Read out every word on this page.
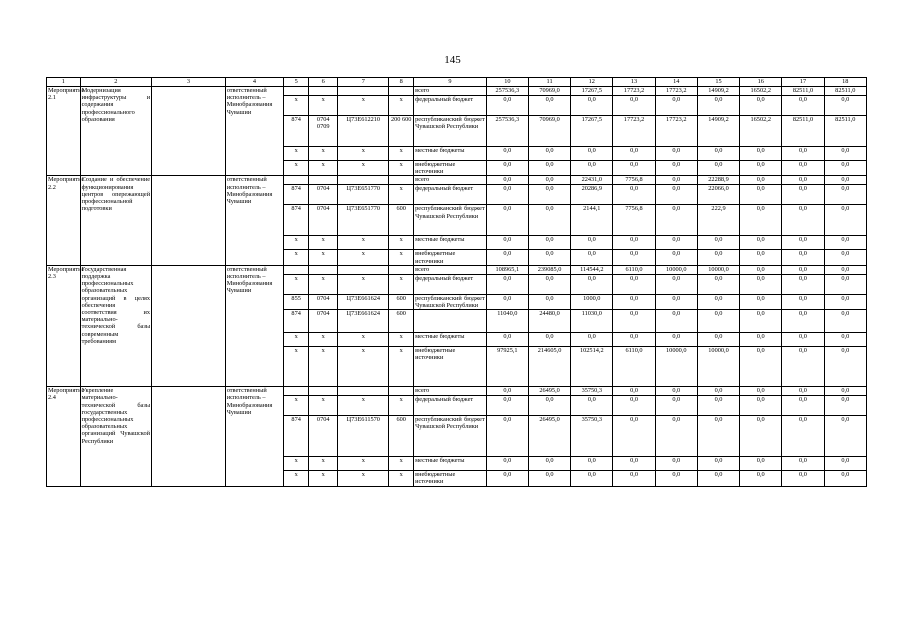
145
1	2	3	4	5	6	7	8	9	10	11	12	13	14	15	16	17	18
Мероприятие 2.1	Модернизация инфраструктуры и содержания профессионального образования		ответственный исполнитель – Минобразования Чувашии					всего	257536,3	70969,0	17267,5	17723,2	17723,2	14909,2	16502,2	82511,0	82511,0
				x	x	x	x	федеральный бюджет	0,0	0,0	0,0	0,0	0,0	0,0	0,0	0,0	0,0
				874	0704 0709	Ц73Е612210	200 600	республиканский бюджет Чувашской Республики	257536,3	70969,0	17267,5	17723,2	17723,2	14909,2	16502,2	82511,0	82511,0
				x	x	x	x	местные бюджеты	0,0	0,0	0,0	0,0	0,0	0,0	0,0	0,0	0,0
				x	x	x	x	внебюджетные источники	0,0	0,0	0,0	0,0	0,0	0,0	0,0	0,0	0,0
Мероприятие 2.2	Создание и обеспечение функционирования центров опережающей профессиональной подготовки		ответственный исполнитель – Минобразования Чувашии					всего	0,0	0,0	22431,0	7756,8	0,0	22288,9	0,0	0,0	0,0
				874	0704	Ц73Е651770	x	федеральный бюджет	0,0	0,0	20286,9	0,0	0,0	22066,0	0,0	0,0	0,0
				874	0704	Ц73Е651770	600	республиканский бюджет Чувашской Республики	0,0	0,0	2144,1	7756,8	0,0	222,9	0,0	0,0	0,0
				x	x	x	x	местные бюджеты	0,0	0,0	0,0	0,0	0,0	0,0	0,0	0,0	0,0
				x	x	x	x	внебюджетные источники	0,0	0,0	0,0	0,0	0,0	0,0	0,0	0,0	0,0
Мероприятие 2.3	Государственная поддержка профессиональных образовательных организаций в целях обеспечения соответствия их материально-технической базы современным требованиям		ответственный исполнитель – Минобразования Чувашии					всего	108965,1	239085,0	114544,2	6110,0	10000,0	10000,0	0,0	0,0	0,0
				x	x	x	x	федеральный бюджет	0,0	0,0	0,0	0,0	0,0	0,0	0,0	0,0	0,0
				855	0704	Ц73Е661624	600	республиканский бюджет Чувашской Республики	0,0	0,0	1000,0	0,0	0,0	0,0	0,0	0,0	0,0
				874	0704	Ц73Е661624	600		11040,0	24480,0	11030,0	0,0	0,0	0,0	0,0	0,0	0,0
				x	x	x	x	местные бюджеты	0,0	0,0	0,0	0,0	0,0	0,0	0,0	0,0	0,0
				x	x	x	x	внебюджетные источники	97925,1	214605,0	102514,2	6110,0	10000,0	10000,0	0,0	0,0	0,0
Мероприятие 2.4	Укрепление материально-технической базы государственных профессиональных образовательных организаций Чувашской Республики		ответственный исполнитель – Минобразования Чувашии					всего	0,0	26495,0	35750,3	0,0	0,0	0,0	0,0	0,0	0,0
				x	x	x	x	федеральный бюджет	0,0	0,0	0,0	0,0	0,0	0,0	0,0	0,0	0,0
				874	0704	Ц73Е611570	600	республиканский бюджет Чувашской Республики	0,0	26495,0	35750,3	0,0	0,0	0,0	0,0	0,0	0,0
				x	x	x	x	местные бюджеты	0,0	0,0	0,0	0,0	0,0	0,0	0,0	0,0	0,0
				x	x	x	x	внебюджетные источники	0,0	0,0	0,0	0,0	0,0	0,0	0,0	0,0	0,0
